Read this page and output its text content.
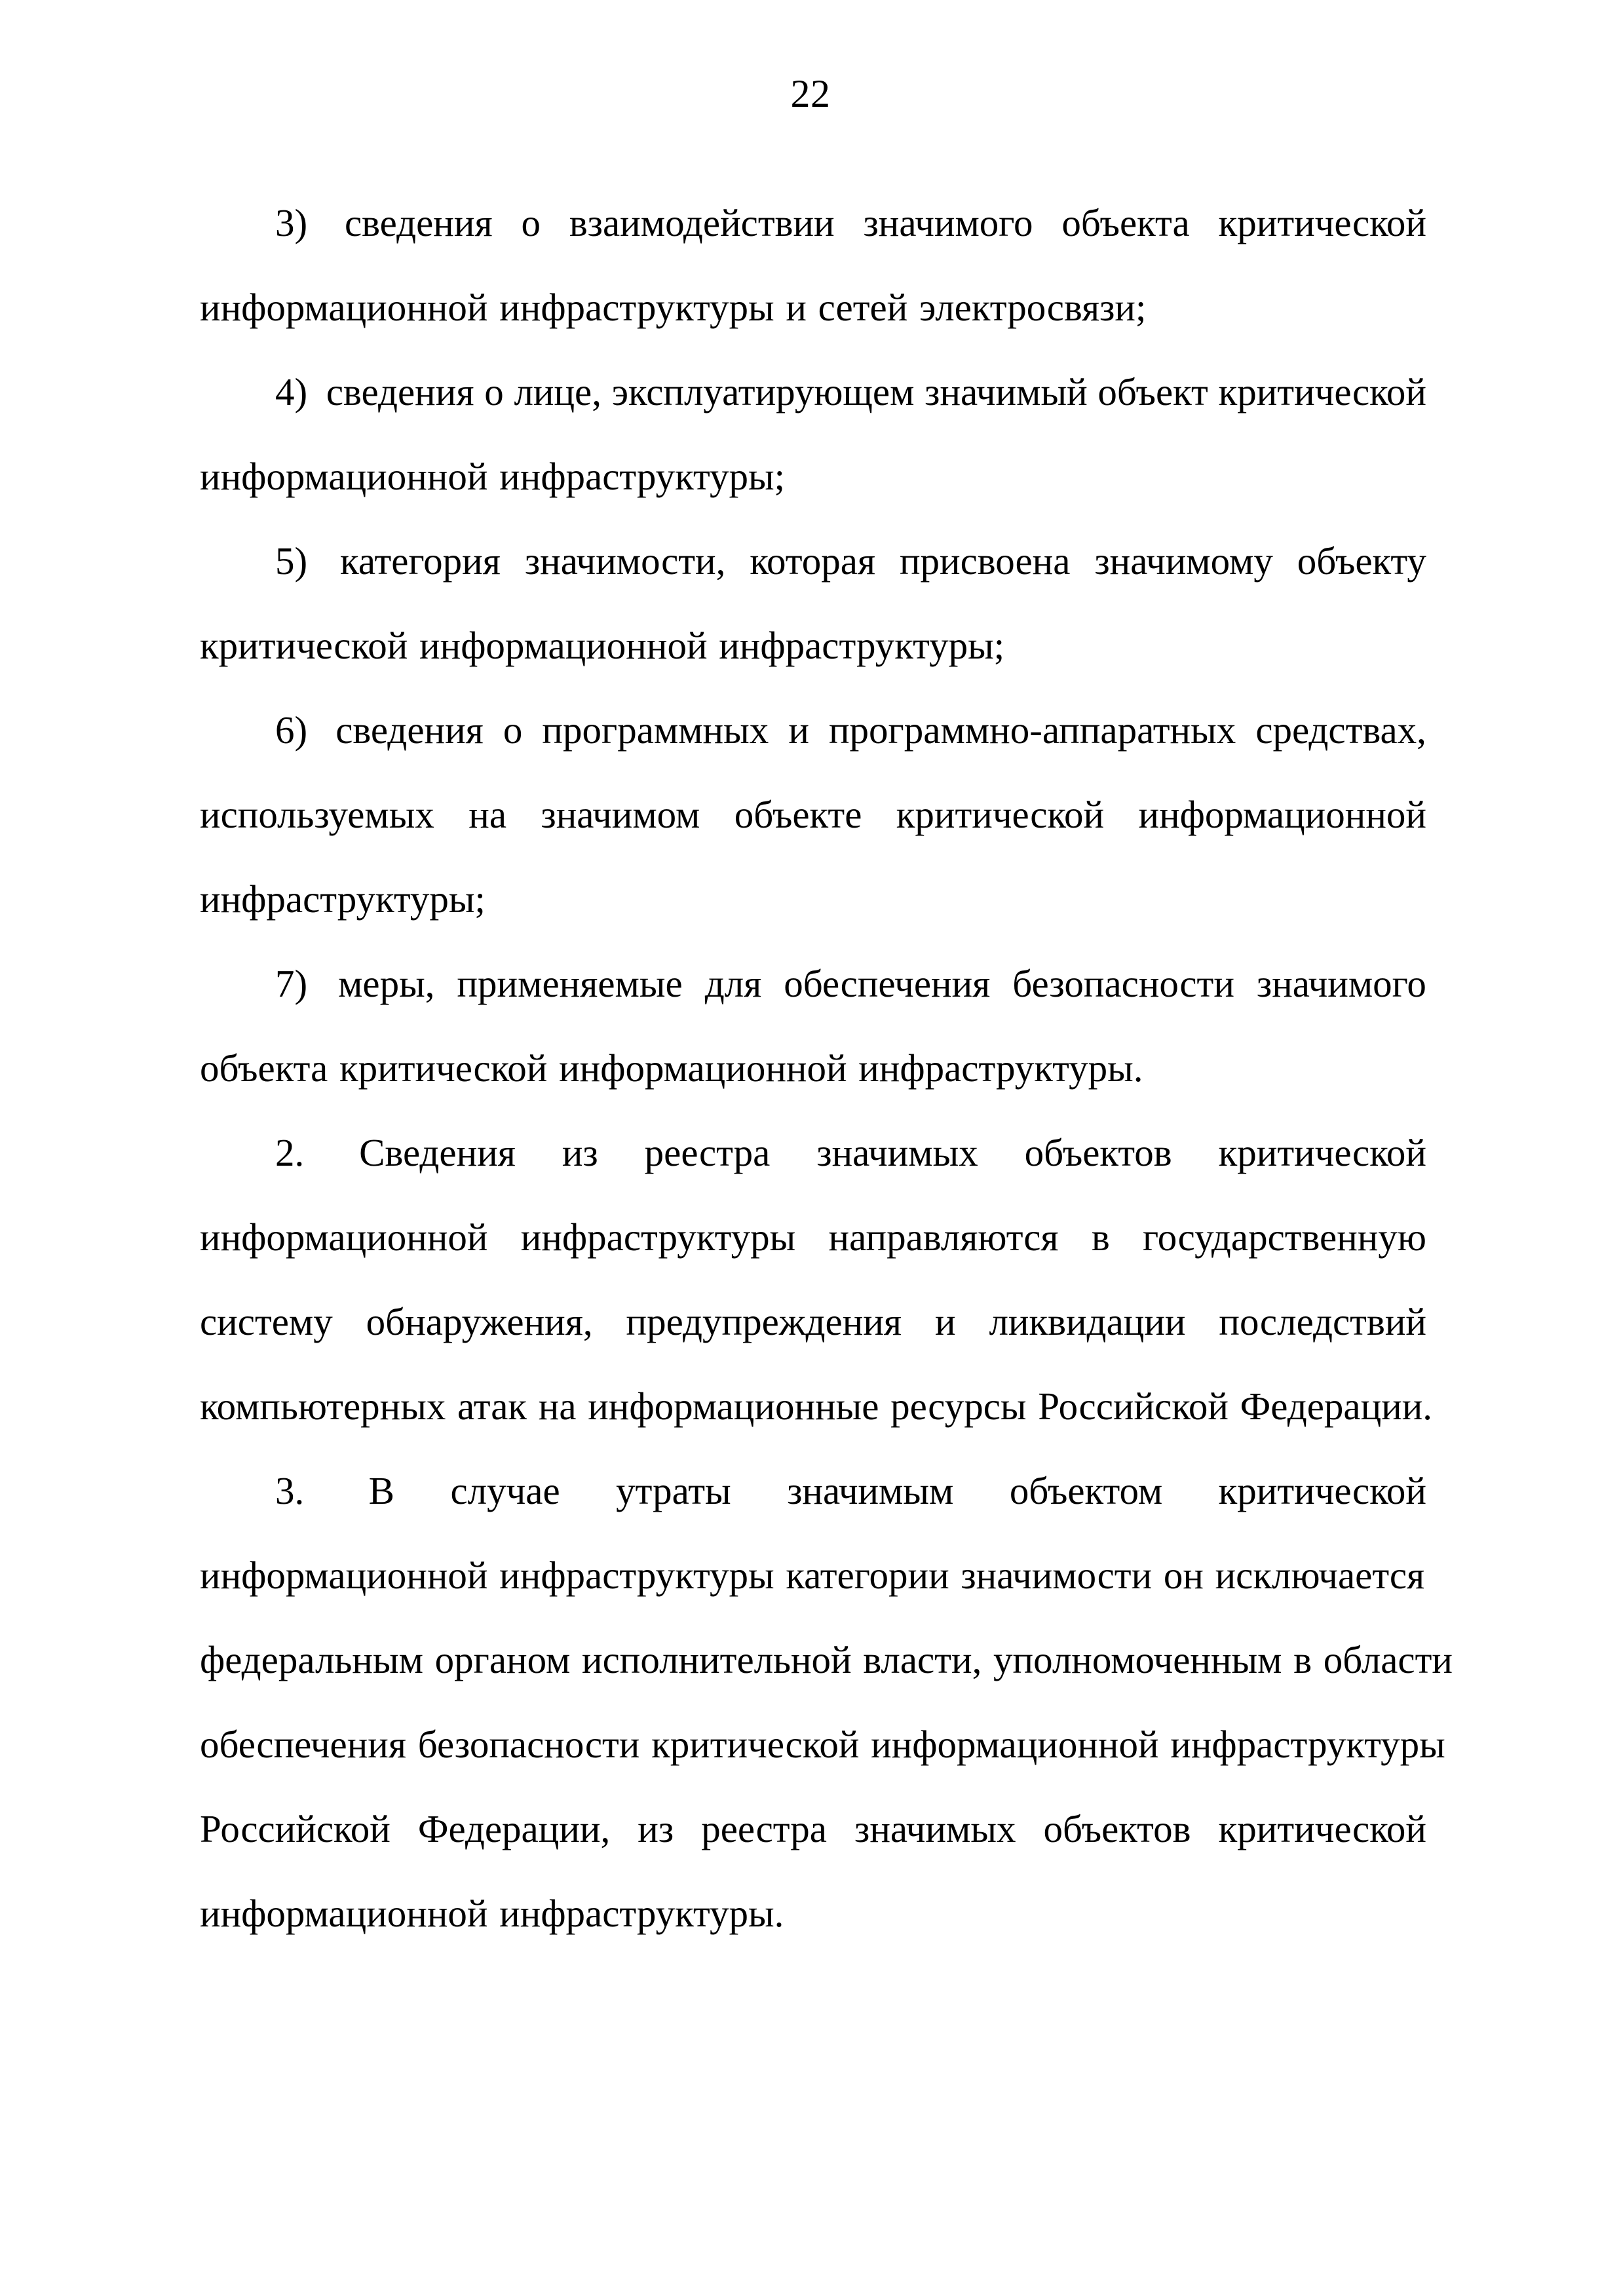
22
3) сведения о взаимодействии значимого объекта критической
информационной инфраструктуры и сетей электросвязи;
4) сведения о лице, эксплуатирующем значимый объект критической
информационной инфраструктуры;
5) категория значимости, которая присвоена значимому объекту
критической информационной инфраструктуры;
6) сведения о программных и программно-аппаратных средствах,
используемых на значимом объекте критической информационной
инфраструктуры;
7) меры, применяемые для обеспечения безопасности значимого
объекта критической информационной инфраструктуры.
2. Сведения из реестра значимых объектов критической
информационной инфраструктуры направляются в государственную
систему обнаружения, предупреждения и ликвидации последствий
компьютерных атак на информационные ресурсы Российской Федерации.
3. В случае утраты значимым объектом критической
информационной инфраструктуры категории значимости он исключается
федеральным органом исполнительной власти, уполномоченным в области
обеспечения безопасности критической информационной инфраструктуры
Российской Федерации, из реестра значимых объектов критической
информационной инфраструктуры.
